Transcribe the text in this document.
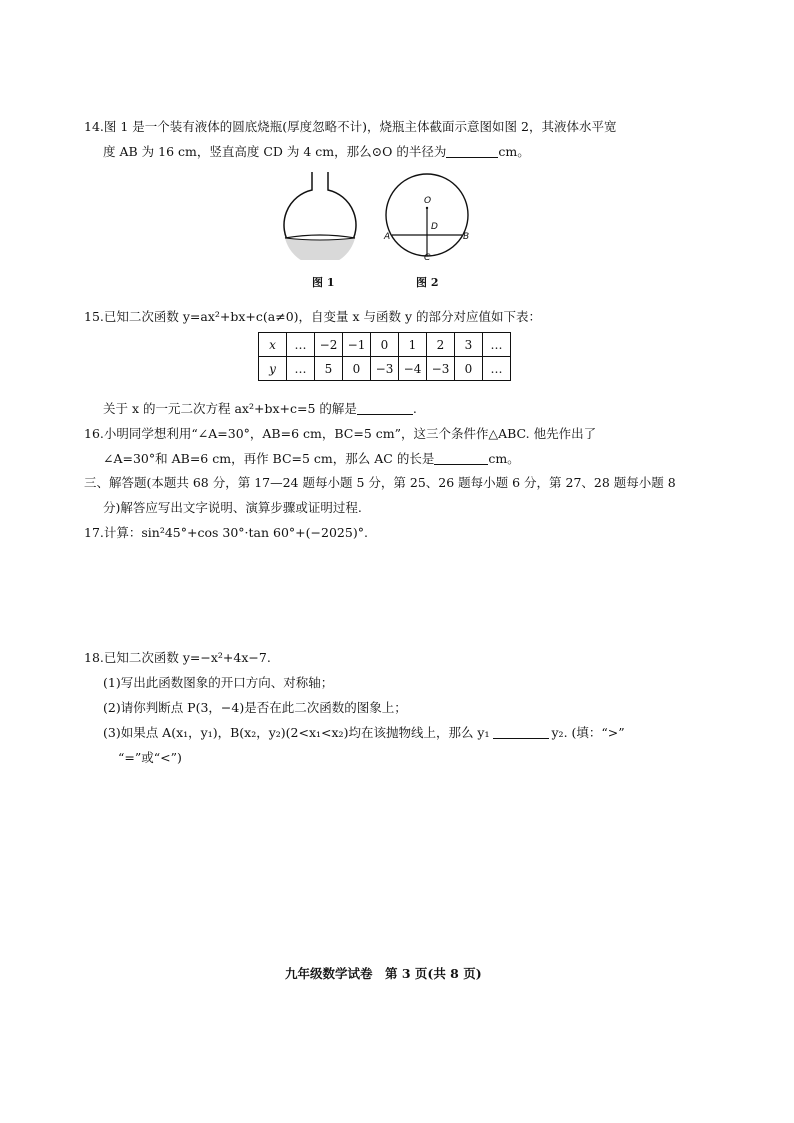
14.图 1 是一个装有液体的圆底烧瓶(厚度忽略不计)，烧瓶主体截面示意图如图 2，其液体水平宽
度 AB 为 16 cm，竖直高度 CD 为 4 cm，那么⊙O 的半径为	cm。
图 1
O
D
A	B
C
图 2
15.已知二次函数 y=ax²+bx+c(a≠0)，自变量 x 与函数 y 的部分对应值如下表：
x	…	−2	−1	0	1	2	3	…
y	…	5	0	−3	−4	−3	0	…
关于 x 的一元二次方程 ax²+bx+c=5 的解是	.
16.小明同学想利用“∠A=30°，AB=6 cm，BC=5 cm”，这三个条件作△ABC. 他先作出了
∠A=30°和 AB=6 cm，再作 BC=5 cm，那么 AC 的长是	cm。
三、解答题(本题共 68 分，第 17—24 题每小题 5 分，第 25、26 题每小题 6 分，第 27、28 题每小题 8
分)解答应写出文字说明、演算步骤或证明过程.
17.计算：sin²45°+cos 30°·tan 60°+(−2025)°.
18.已知二次函数 y=−x²+4x−7.
(1)写出此函数图象的开口方向、对称轴；
(2)请你判断点 P(3，−4)是否在此二次函数的图象上；
(3)如果点 A(x₁，y₁)，B(x₂，y₂)(2<x₁<x₂)均在该抛物线上，那么 y₁	y₂. (填：“>”
“=”或“<”)
九年级数学试卷　第 3 页(共 8 页)
